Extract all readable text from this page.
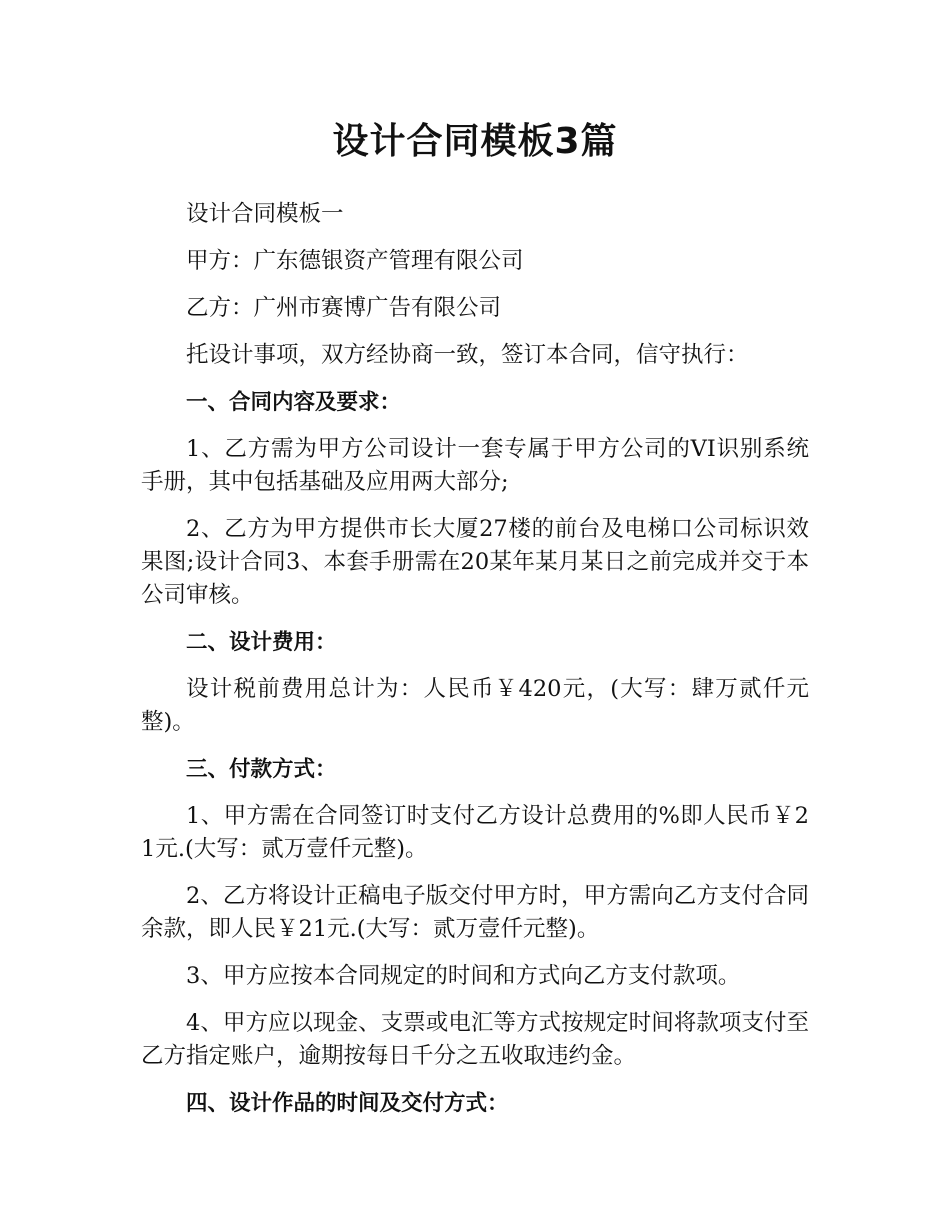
设计合同模板3篇

设计合同模板一

甲方：广东德银资产管理有限公司

乙方：广州市赛博广告有限公司

托设计事项，双方经协商一致，签订本合同，信守执行：

一、合同内容及要求：

1、乙方需为甲方公司设计一套专属于甲方公司的VI识别系统手册，其中包括基础及应用两大部分;

2、乙方为甲方提供市长大厦27楼的前台及电梯口公司标识效果图;设计合同3、本套手册需在20某年某月某日之前完成并交于本公司审核。

二、设计费用：

设计税前费用总计为：人民币￥420元，(大写：肆万贰仟元整)。

三、付款方式：

1、甲方需在合同签订时支付乙方设计总费用的%即人民币￥21元.(大写：贰万壹仟元整)。

2、乙方将设计正稿电子版交付甲方时，甲方需向乙方支付合同余款，即人民￥21元.(大写：贰万壹仟元整)。

3、甲方应按本合同规定的时间和方式向乙方支付款项。

4、甲方应以现金、支票或电汇等方式按规定时间将款项支付至乙方指定账户，逾期按每日千分之五收取违约金。

四、设计作品的时间及交付方式：
